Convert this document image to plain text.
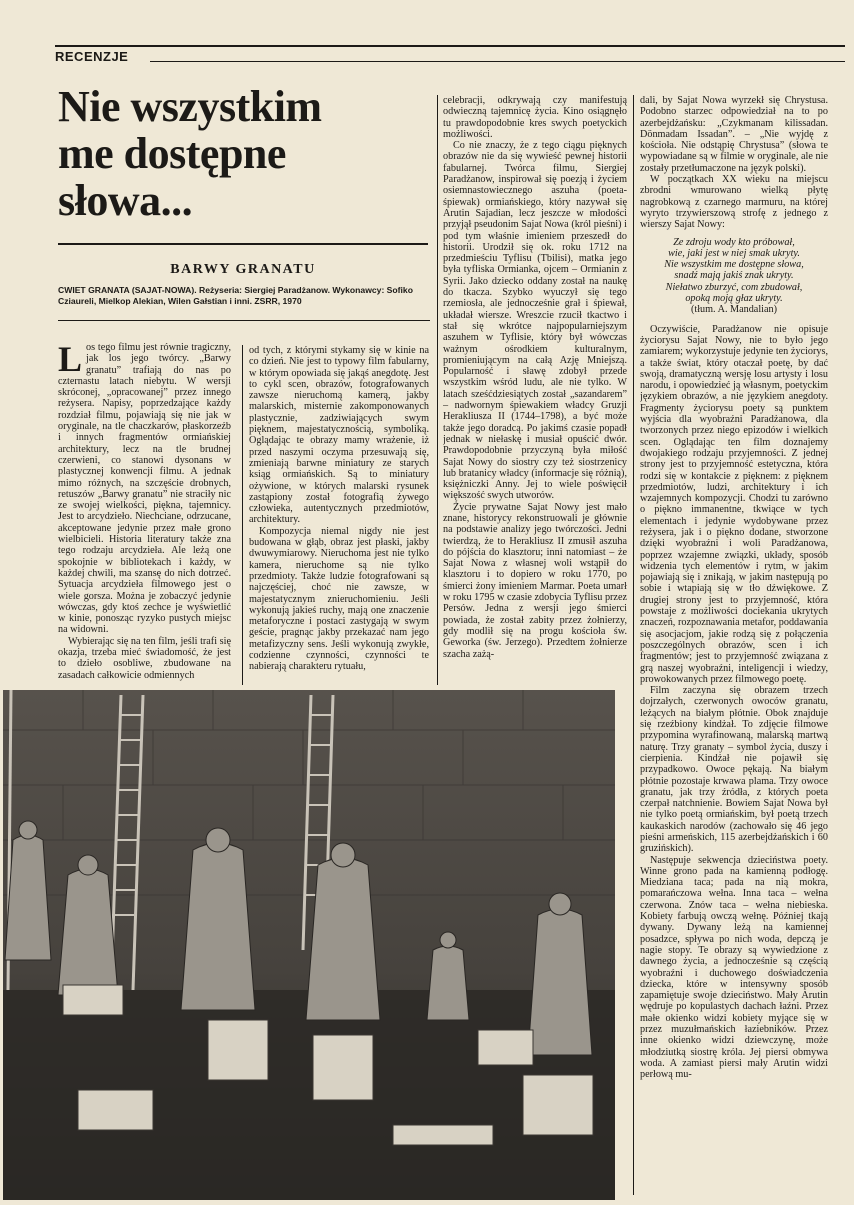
RECENZJE
Nie wszystkim
me dostępne
słowa...
BARWY GRANATU
CWIET GRANATA (SAJAT-NOWA). Reżyseria: Siergiej Paradżanow. Wykonawcy: Sofiko Cziaureli, Mielkop Alekian, Wilen Gałstian i inni. ZSRR, 1970

Los tego filmu jest równie tragiczny, jak los jego twórcy. „Barwy granatu” trafiają do nas po czternastu latach niebytu. W wersji skróconej, „opracowanej” przez innego reżysera. Napisy, poprzedzające każdy rozdział filmu, pojawiają się nie jak w oryginale, na tle chaczkarów, płaskorzeźb i innych fragmentów ormiańskiej architektury, lecz na tle brudnej czerwieni, co stanowi dysonans w plastycznej konwencji filmu. A jednak mimo różnych, na szczęście drobnych, retuszów „Barwy granatu” nie straciły nic ze swojej wielkości, piękna, tajemnicy. Jest to arcydzieło. Niechciane, odrzucane, akceptowane jedynie przez małe grono wielbicieli. Historia literatury także zna tego rodzaju arcydzieła. Ale leżą one spokojnie w bibliotekach i każdy, w każdej chwili, ma szansę do nich dotrzeć. Sytuacja arcydzieła filmowego jest o wiele gorsza. Można je zobaczyć jedynie wówczas, gdy ktoś zechce je wyświetlić w kinie, ponosząc ryzyko pustych miejsc na widowni.

Wybierając się na ten film, jeśli trafi się okazja, trzeba mieć świadomość, że jest to dzieło osobliwe, zbudowane na zasadach całkowicie odmiennych

od tych, z którymi stykamy się w kinie na co dzień. Nie jest to typowy film fabularny, w którym opowiada się jakąś anegdotę. Jest to cykl scen, obrazów, fotografowanych zawsze nieruchomą kamerą, jakby malarskich, misternie zakomponowanych plastycznie, zadziwiających swym pięknem, majestatycznością, symboliką. Oglądając te obrazy mamy wrażenie, iż przed naszymi oczyma przesuwają się, zmieniają barwne miniatury ze starych ksiąg ormiańskich. Są to miniatury ożywione, w których malarski rysunek zastąpiony został fotografią żywego człowieka, autentycznych przedmiotów, architektury.

Kompozycja niemal nigdy nie jest budowana w głąb, obraz jest płaski, jakby dwuwymiarowy. Nieruchoma jest nie tylko kamera, nieruchome są nie tylko przedmioty. Także ludzie fotografowani są najczęściej, choć nie zawsze, w majestatycznym znieruchomieniu. Jeśli wykonują jakieś ruchy, mają one znaczenie metaforyczne i postaci zastygają w swym geście, pragnąc jakby przekazać nam jego metafizyczny sens. Jeśli wykonują zwykłe, codzienne czynności, czynności te nabierają charakteru rytuału,

celebracji, odkrywają czy manifestują odwieczną tajemnicę życia. Kino osiągnęło tu prawdopodobnie kres swych poetyckich możliwości.

Co nie znaczy, że z tego ciągu pięknych obrazów nie da się wywieść pewnej historii fabularnej. Twórca filmu, Siergiej Paradżanow, inspirował się poezją i życiem osiemnastowiecznego aszuha (poeta-śpiewak) ormiańskiego, który nazywał się Arutin Sajadian, lecz jeszcze w młodości przyjął pseudonim Sajat Nowa (król pieśni) i pod tym właśnie imieniem przeszedł do historii. Urodził się ok. roku 1712 na przedmieściu Tyflisu (Tbilisi), matka jego była tyfliska Ormianka, ojcem – Ormianin z Syrii. Jako dziecko oddany został na naukę do tkacza. Szybko wyuczył się tego rzemiosła, ale jednocześnie grał i śpiewał, układał wiersze. Wreszcie rzucił tkactwo i stał się wkrótce najpopularniejszym aszuhem w Tyflisie, który był wówczas ważnym ośrodkiem kulturalnym, promieniującym na całą Azję Mniejszą. Popularność i sławę zdobył przede wszystkim wśród ludu, ale nie tylko. W latach sześćdziesiątych został „sazandarem” – nadwornym śpiewakiem władcy Gruzji Herakliusza II (1744–1798), a być może także jego doradcą. Po jakimś czasie popadł jednak w niełaskę i musiał opuścić dwór. Prawdopodobnie przyczyną była miłość Sajat Nowy do siostry czy też siostrzenicy lub bratanicy władcy (informacje się różnią), księżniczki Anny. Jej to wiele poświęcił większość swych utworów.

Życie prywatne Sajat Nowy jest mało znane, historycy rekonstruowali je głównie na podstawie analizy jego twórczości. Jedni twierdzą, że to Herakliusz II zmusił aszuha do pójścia do klasztoru; inni natomiast – że Sajat Nowa z własnej woli wstąpił do klasztoru i to dopiero w roku 1770, po śmierci żony imieniem Marmar. Poeta umarł w roku 1795 w czasie zdobycia Tyflisu przez Persów. Jedna z wersji jego śmierci powiada, że został zabity przez żołnierzy, gdy modlił się na progu kościoła św. Geworka (św. Jerzego). Przedtem żołnierze szacha zażą-

dali, by Sajat Nowa wyrzekł się Chrystusa. Podobno starzec odpowiedział na to po azerbejdżańsku: „Czykmanam kilissadan. Dönmadam Issadan”. – „Nie wyjdę z kościoła. Nie odstąpię Chrystusa” (słowa te wypowiadane są w filmie w oryginale, ale nie zostały przetłumaczone na język polski).

W początkach XX wieku na miejscu zbrodni wmurowano wielką płytę nagrobkową z czarnego marmuru, na której wyryto trzywierszową strofę z jednego z wierszy Sajat Nowy:

Ze zdroju wody kto próbował,
wie, jaki jest w niej smak ukryty.
Nie wszystkim me dostępne słowa,
snadź mają jakiś znak ukryty.
Niełatwo zburzyć, com zbudował,
opoką moją głaz ukryty.
(tłum. A. Mandalian)

Oczywiście, Paradżanow nie opisuje życiorysu Sajat Nowy, nie to było jego zamiarem; wykorzystuje jedynie ten życiorys, a także świat, który otaczał poetę, by dać swoją, dramatyczną wersję losu artysty i losu narodu, i opowiedzieć ją własnym, poetyckim językiem obrazów, a nie językiem anegdoty. Fragmenty życiorysu poety są punktem wyjścia dla wyobraźni Paradżanowa, dla tworzonych przez niego epizodów i wielkich scen. Oglądając ten film doznajemy dwojakiego rodzaju przyjemności. Z jednej strony jest to przyjemność estetyczna, która rodzi się w kontakcie z pięknem: z pięknem przedmiotów, ludzi, architektury i ich wzajemnych kompozycji. Chodzi tu zarówno o piękno immanentne, tkwiące w tych elementach i jedynie wydobywane przez reżysera, jak i o piękno dodane, stworzone dzięki wyobraźni i woli Paradżanowa, poprzez wzajemne związki, układy, sposób widzenia tych elementów i rytm, w jakim pojawiają się i znikają, w jakim następują po sobie i wtapiają się w tło dźwiękowe. Z drugiej strony jest to przyjemność, która powstaje z możliwości dociekania ukrytych znaczeń, rozpoznawania metafor, poddawania się asocjacjom, jakie rodzą się z połączenia poszczególnych obrazów, scen i ich fragmentów; jest to przyjemność związana z grą naszej wyobraźni, inteligencji i wiedzy, prowokowanych przez filmowego poetę.

Film zaczyna się obrazem trzech dojrzałych, czerwonych owoców granatu, leżących na białym płótnie. Obok znajduje się rzeźbiony kindżał. To zdjęcie filmowe przypomina wyrafinowaną, malarską martwą naturę. Trzy granaty – symbol życia, duszy i cierpienia. Kindżał nie pojawił się przypadkowo. Owoce pękają. Na białym płótnie pozostaje krwawa plama. Trzy owoce granatu, jak trzy źródła, z których poeta czerpał natchnienie. Bowiem Sajat Nowa był nie tylko poetą ormiańskim, był poetą trzech kaukaskich narodów (zachowało się 46 jego pieśni armeńskich, 115 azerbejdżańskich i 60 gruzińskich).

Następuje sekwencja dzieciństwa poety. Winne grono pada na kamienną podłogę. Miedziana taca; pada na nią mokra, pomarańczowa wełna. Inna taca – wełna czerwona. Znów taca – wełna niebieska. Kobiety farbują owczą wełnę. Później tkają dywany. Dywany leżą na kamiennej posadzce, spływa po nich woda, depczą je nagie stopy. Te obrazy są wywiedzione z dawnego życia, a jednocześnie są częścią wyobraźni i duchowego doświadczenia dziecka, które w intensywny sposób zapamiętuje swoje dzieciństwo. Mały Arutin wędruje po kopulastych dachach łaźni. Przez małe okienko widzi kobiety myjące się w przez muzułmańskich łaziebników. Przez inne okienko widzi dziewczynę, może młodziutką siostrę króla. Jej piersi obmywa woda. A zamiast piersi mały Arutin widzi perłową mu-
